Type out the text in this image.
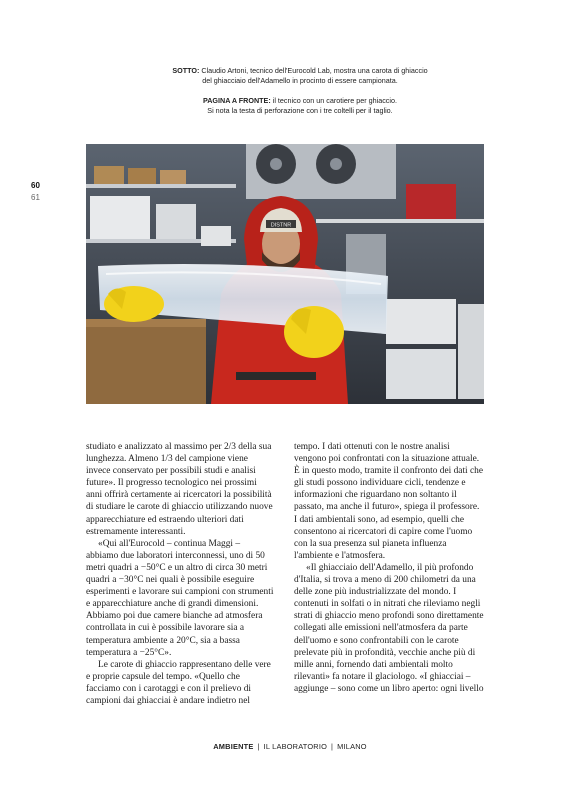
SOTTO: Claudio Artoni, tecnico dell'Eurocold Lab, mostra una carota di ghiaccio
del ghiacciaio dell'Adamello in procinto di essere campionata.
PAGINA A FRONTE: il tecnico con un carotiere per ghiaccio.
Si nota la testa di perforazione con i tre coltelli per il taglio.
60
61
DISTNR

studiato e analizzato al massimo per 2/3 della sua lunghezza. Almeno 1/3 del campione viene invece conservato per possibili studi e analisi future». Il progresso tecnologico nei prossimi anni offrirà certamente ai ricercatori la possibilità di studiare le carote di ghiaccio utilizzando nuove apparecchiature ed estraendo ulteriori dati estremamente interessanti.

«Qui all'Eurocold – continua Maggi – abbiamo due laboratori interconnessi, uno di 50 metri quadri a −50°C e un altro di circa 30 metri quadri a −30°C nei quali è possibile eseguire esperimenti e lavorare sui campioni con strumenti e apparecchiature anche di grandi dimensioni. Abbiamo poi due camere bianche ad atmosfera controllata in cui è possibile lavorare sia a temperatura ambiente a 20°C, sia a bassa temperatura a −25°C».

Le carote di ghiaccio rappresentano delle vere e proprie capsule del tempo. «Quello che facciamo con i carotaggi e con il prelievo di campioni dai ghiacciai è andare indietro nel

tempo. I dati ottenuti con le nostre analisi vengono poi confrontati con la situazione attuale. È in questo modo, tramite il confronto dei dati che gli studi possono individuare cicli, tendenze e informazioni che riguardano non soltanto il passato, ma anche il futuro», spiega il professore. I dati ambientali sono, ad esempio, quelli che consentono ai ricercatori di capire come l'uomo con la sua presenza sul pianeta influenza l'ambiente e l'atmosfera.

«Il ghiacciaio dell'Adamello, il più profondo d'Italia, si trova a meno di 200 chilometri da una delle zone più industrializzate del mondo. I contenuti in solfati o in nitrati che rileviamo negli strati di ghiaccio meno profondi sono direttamente collegati alle emissioni nell'atmosfera da parte dell'uomo e sono confrontabili con le carote prelevate più in profondità, vecchie anche più di mille anni, fornendo dati ambientali molto rilevanti» fa notare il glaciologo. «I ghiacciai – aggiunge – sono come un libro aperto: ogni livello

AMBIENTE | IL LABORATORIO | MILANO
